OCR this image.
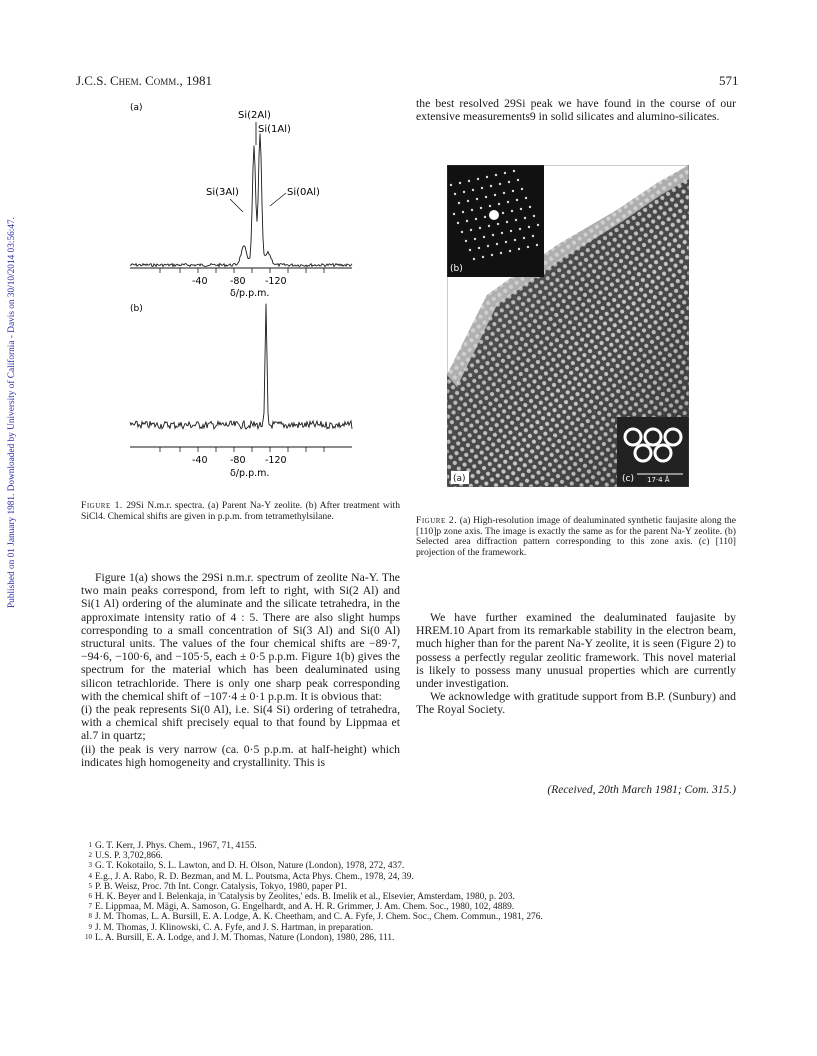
Published on 01 January 1981. Downloaded by University of California - Davis on 30/10/2014 03:56:47.
J.C.S. Chem. Comm., 1981	571
(a)
Si(2Al)
Si(1Al)
Si(3Al)	Si(0Al)
-40 -80 -120
δ/p.p.m.
(b)
-40 -80 -120
δ/p.p.m.
Figure 1. 29Si N.m.r. spectra. (a) Parent Na-Y zeolite. (b) After treatment with SiCl4. Chemical shifts are given in p.p.m. from tetramethylsilane.
the best resolved 29Si peak we have found in the course of our extensive measurements9 in solid silicates and alumino-silicates.
(b)
(c) 17·4 Å
(a)
Figure 2. (a) High-resolution image of dealuminated synthetic faujasite along the [110]p zone axis. The image is exactly the same as for the parent Na-Y zeolite. (b) Selected area diffraction pattern corresponding to this zone axis. (c) [110] projection of the framework.

Figure 1(a) shows the 29Si n.m.r. spectrum of zeolite Na-Y. The two main peaks correspond, from left to right, with Si(2 Al) and Si(1 Al) ordering of the aluminate and the silicate tetrahedra, in the approximate intensity ratio of 4 : 5. There are also slight humps corresponding to a small concentration of Si(3 Al) and Si(0 Al) structural units. The values of the four chemical shifts are −89·7, −94·6, −100·6, and −105·5, each ± 0·5 p.p.m. Figure 1(b) gives the spectrum for the material which has been dealuminated using silicon tetrachloride. There is only one sharp peak corresponding with the chemical shift of −107·4 ± 0·1 p.p.m. It is obvious that:

(i) the peak represents Si(0 Al), i.e. Si(4 Si) ordering of tetrahedra, with a chemical shift precisely equal to that found by Lippmaa et al.7 in quartz;

(ii) the peak is very narrow (ca. 0·5 p.p.m. at half-height) which indicates high homogeneity and crystallinity. This is

We have further examined the dealuminated faujasite by HREM.10 Apart from its remarkable stability in the electron beam, much higher than for the parent Na-Y zeolite, it is seen (Figure 2) to possess a perfectly regular zeolitic framework. This novel material is likely to possess many unusual properties which are currently under investigation.

We acknowledge with gratitude support from B.P. (Sunbury) and The Royal Society.

(Received, 20th March 1981; Com. 315.)
1 G. T. Kerr, J. Phys. Chem., 1967, 71, 4155.
2 U.S. P. 3,702,866.
3 G. T. Kokotailo, S. L. Lawton, and D. H. Olson, Nature (London), 1978, 272, 437.
4 E.g., J. A. Rabo, R. D. Bezman, and M. L. Poutsma, Acta Phys. Chem., 1978, 24, 39.
5 P. B. Weisz, Proc. 7th Int. Congr. Catalysis, Tokyo, 1980, paper P1.
6 H. K. Beyer and I. Belenkaja, in 'Catalysis by Zeolites,' eds. B. Imelik et al., Elsevier, Amsterdam, 1980, p. 203.
7 E. Lippmaa, M. Mägi, A. Samoson, G. Engelhardt, and A. H. R. Grimmer, J. Am. Chem. Soc., 1980, 102, 4889.
8 J. M. Thomas, L. A. Bursill, E. A. Lodge, A. K. Cheetham, and C. A. Fyfe, J. Chem. Soc., Chem. Commun., 1981, 276.
9 J. M. Thomas, J. Klinowski, C. A. Fyfe, and J. S. Hartman, in preparation.
10 L. A. Bursill, E. A. Lodge, and J. M. Thomas, Nature (London), 1980, 286, 111.
